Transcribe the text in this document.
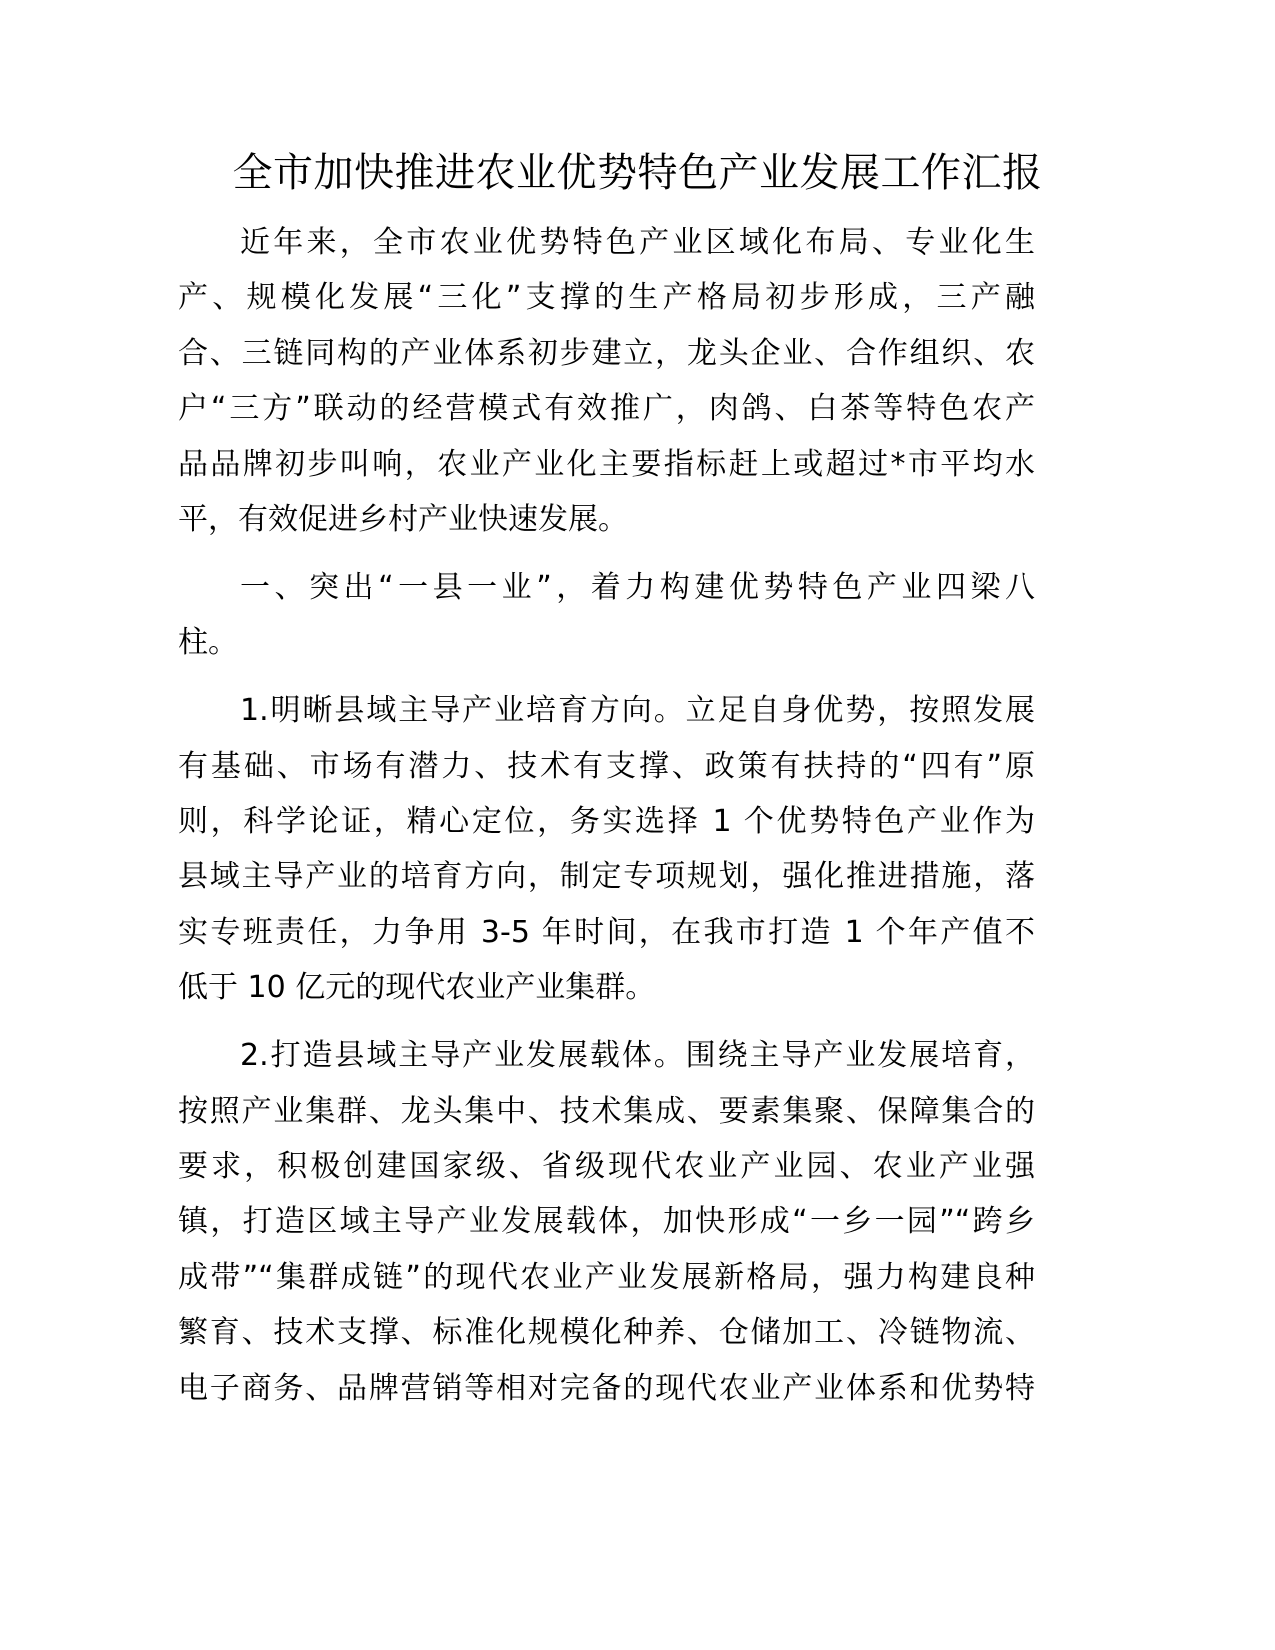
全市加快推进农业优势特色产业发展工作汇报
近年来，全市农业优势特色产业区域化布局、专业化生
产、规模化发展“三化”支撑的生产格局初步形成，三产融
合、三链同构的产业体系初步建立，龙头企业、合作组织、农
户“三方”联动的经营模式有效推广，肉鸽、白茶等特色农产
品品牌初步叫响，农业产业化主要指标赶上或超过*市平均水
平，有效促进乡村产业快速发展。
一、突出“一县一业”，着力构建优势特色产业四梁八
柱。
1.明晰县域主导产业培育方向。立足自身优势，按照发展
有基础、市场有潜力、技术有支撑、政策有扶持的“四有”原
则，科学论证，精心定位，务实选择 1 个优势特色产业作为
县域主导产业的培育方向，制定专项规划，强化推进措施，落
实专班责任，力争用 3-5 年时间，在我市打造 1 个年产值不
低于 10 亿元的现代农业产业集群。
2.打造县域主导产业发展载体。围绕主导产业发展培育，
按照产业集群、龙头集中、技术集成、要素集聚、保障集合的
要求，积极创建国家级、省级现代农业产业园、农业产业强
镇，打造区域主导产业发展载体，加快形成“一乡一园”“跨乡
成带”“集群成链”的现代农业产业发展新格局，强力构建良种
繁育、技术支撑、标准化规模化种养、仓储加工、冷链物流、
电子商务、品牌营销等相对完备的现代农业产业体系和优势特
